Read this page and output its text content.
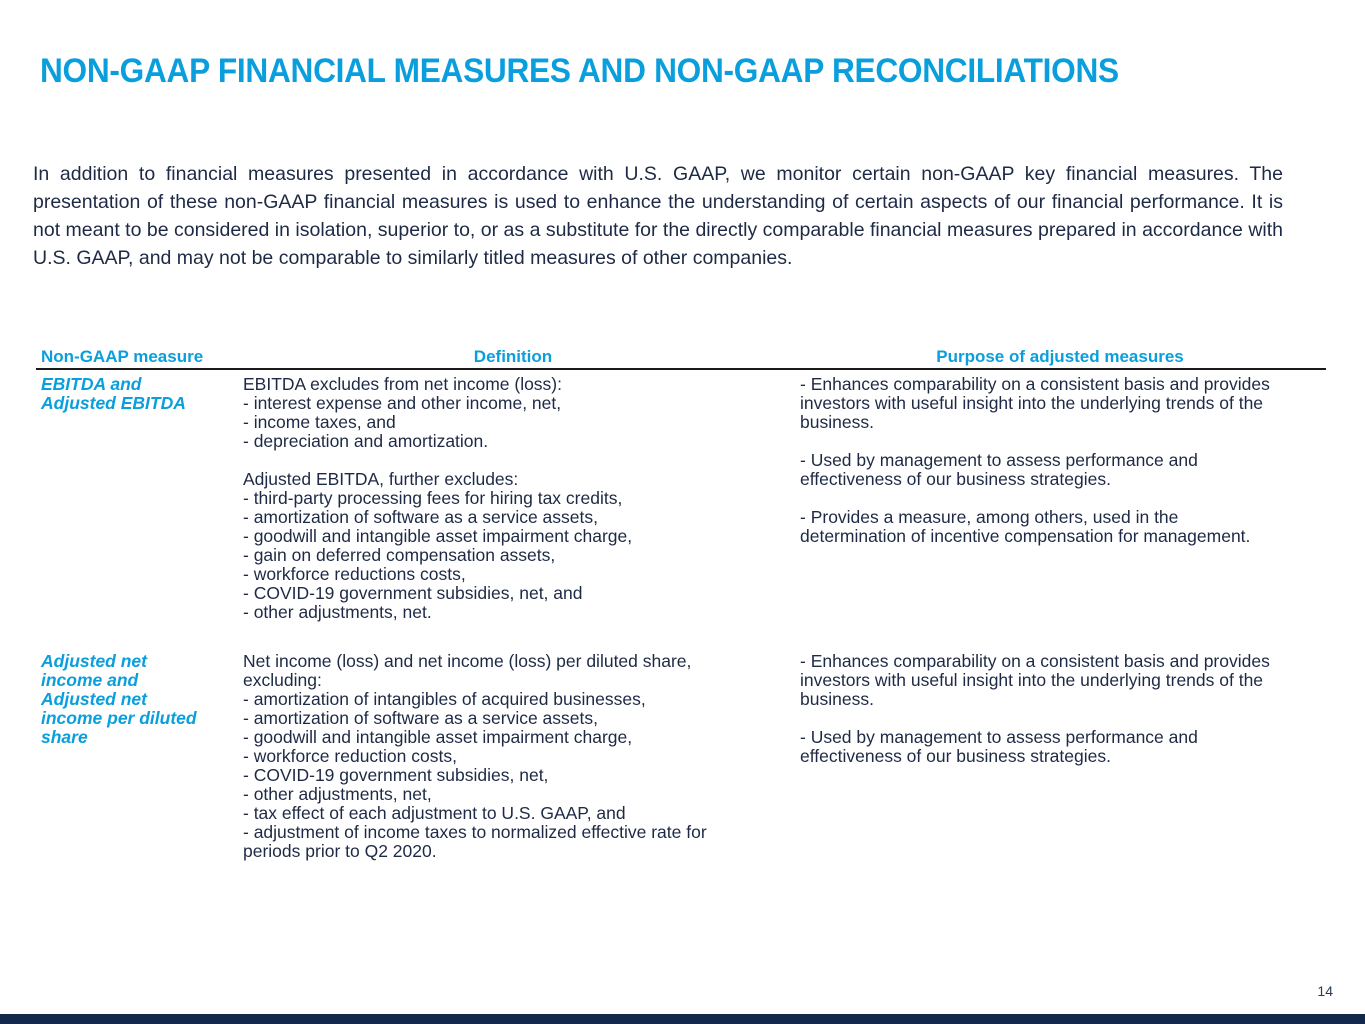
NON-GAAP FINANCIAL MEASURES AND NON-GAAP RECONCILIATIONS

In addition to financial measures presented in accordance with U.S. GAAP, we monitor certain non-GAAP key financial measures. The presentation of these non-GAAP financial measures is used to enhance the understanding of certain aspects of our financial performance. It is not meant to be considered in isolation, superior to, or as a substitute for the directly comparable financial measures prepared in accordance with U.S. GAAP, and may not be comparable to similarly titled measures of other companies.

Non-GAAP measure	Definition	Purpose of adjusted measures
EBITDA and
Adjusted EBITDA
EBITDA excludes from net income (loss):
- interest expense and other income, net,
- income taxes, and
- depreciation and amortization.
Adjusted EBITDA, further excludes:
- third-party processing fees for hiring tax credits,
- amortization of software as a service assets,
- goodwill and intangible asset impairment charge,
- gain on deferred compensation assets,
- workforce reductions costs,
- COVID-19 government subsidies, net, and
- other adjustments, net.
- Enhances comparability on a consistent basis and provides
investors with useful insight into the underlying trends of the
business.
- Used by management to assess performance and
effectiveness of our business strategies.
- Provides a measure, among others, used in the
determination of incentive compensation for management.
Adjusted net
income and
Adjusted net
income per diluted
share
Net income (loss) and net income (loss) per diluted share,
excluding:
- amortization of intangibles of acquired businesses,
- amortization of software as a service assets,
- goodwill and intangible asset impairment charge,
- workforce reduction costs,
- COVID-19 government subsidies, net,
- other adjustments, net,
- tax effect of each adjustment to U.S. GAAP, and
- adjustment of income taxes to normalized effective rate for
periods prior to Q2 2020.
- Enhances comparability on a consistent basis and provides
investors with useful insight into the underlying trends of the
business.
- Used by management to assess performance and
effectiveness of our business strategies.
14
